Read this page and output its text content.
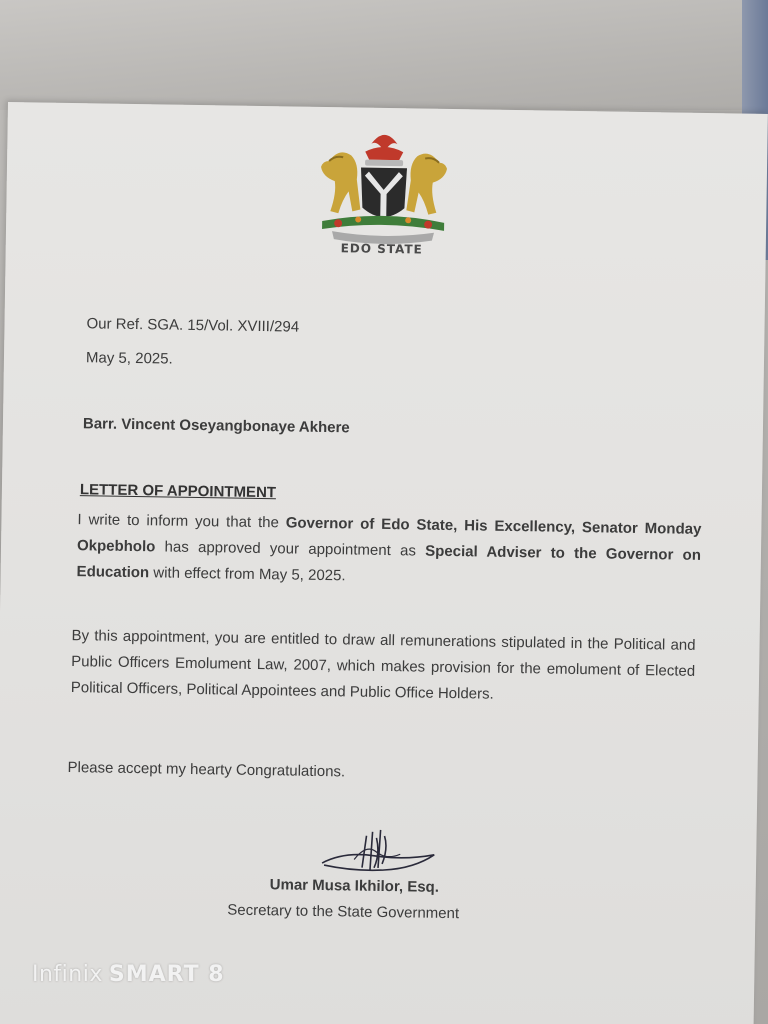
EDO STATE
Our Ref. SGA. 15/Vol. XVIII/294
May 5, 2025.
Barr. Vincent Oseyangbonaye Akhere
LETTER OF APPOINTMENT
I write to inform you that the Governor of Edo State, His Excellency, Senator Monday Okpebholo has approved your appointment as Special Adviser to the Governor on Education with effect from May 5, 2025.
By this appointment, you are entitled to draw all remunerations stipulated in the Political and Public Officers Emolument Law, 2007, which makes provision for the emolument of Elected Political Officers, Political Appointees and Public Office Holders.
Please accept my hearty Congratulations.
Umar Musa Ikhilor, Esq.
Secretary to the State Government
Infinix SMART 8
